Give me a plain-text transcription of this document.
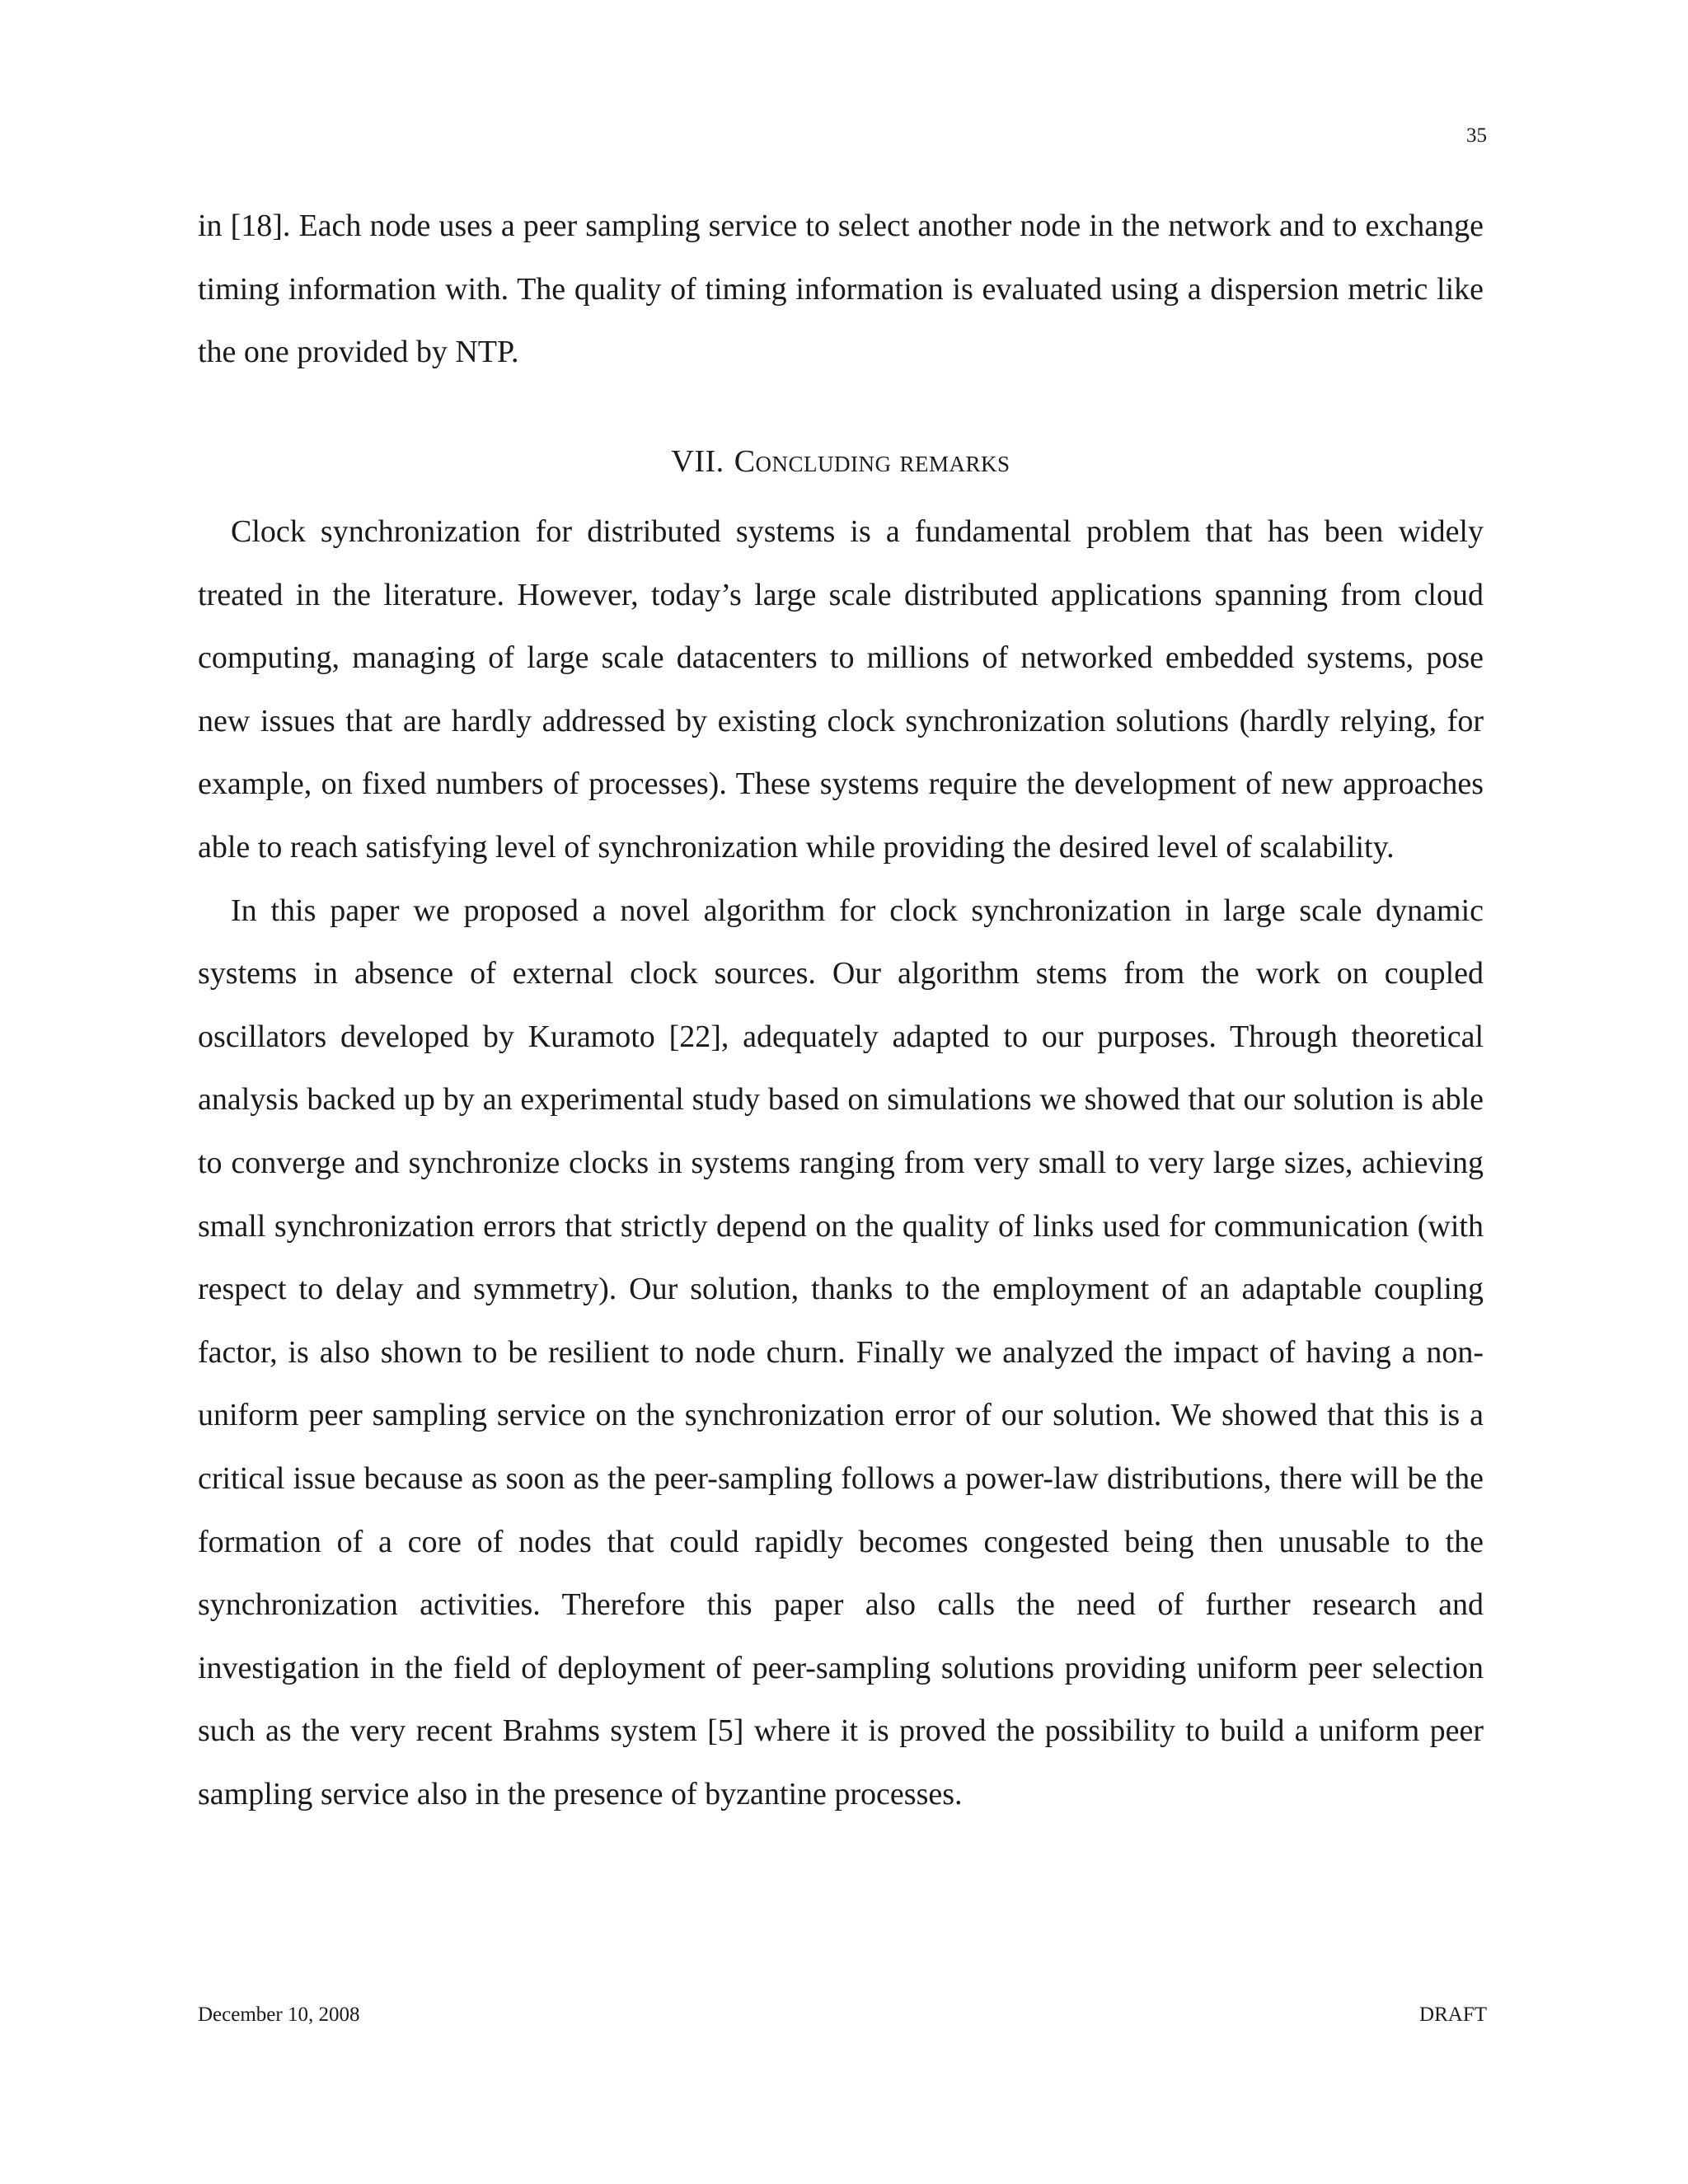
35

in [18]. Each node uses a peer sampling service to select another node in the network and to exchange timing information with. The quality of timing information is evaluated using a dispersion metric like the one provided by NTP.

VII. Concluding remarks

Clock synchronization for distributed systems is a fundamental problem that has been widely treated in the literature. However, today’s large scale distributed applications spanning from cloud computing, managing of large scale datacenters to millions of networked embedded systems, pose new issues that are hardly addressed by existing clock synchronization solutions (hardly relying, for example, on fixed numbers of processes). These systems require the development of new approaches able to reach satisfying level of synchronization while providing the desired level of scalability.

In this paper we proposed a novel algorithm for clock synchronization in large scale dynamic systems in absence of external clock sources. Our algorithm stems from the work on coupled oscillators developed by Kuramoto [22], adequately adapted to our purposes. Through theoretical analysis backed up by an experimental study based on simulations we showed that our solution is able to converge and synchronize clocks in systems ranging from very small to very large sizes, achieving small synchronization errors that strictly depend on the quality of links used for communication (with respect to delay and symmetry). Our solution, thanks to the employment of an adaptable coupling factor, is also shown to be resilient to node churn. Finally we analyzed the impact of having a non-uniform peer sampling service on the synchronization error of our solution. We showed that this is a critical issue because as soon as the peer-sampling follows a power-law distributions, there will be the formation of a core of nodes that could rapidly becomes congested being then unusable to the synchronization activities. Therefore this paper also calls the need of further research and investigation in the field of deployment of peer-sampling solutions providing uniform peer selection such as the very recent Brahms system [5] where it is proved the possibility to build a uniform peer sampling service also in the presence of byzantine processes.

December 10, 2008	DRAFT
